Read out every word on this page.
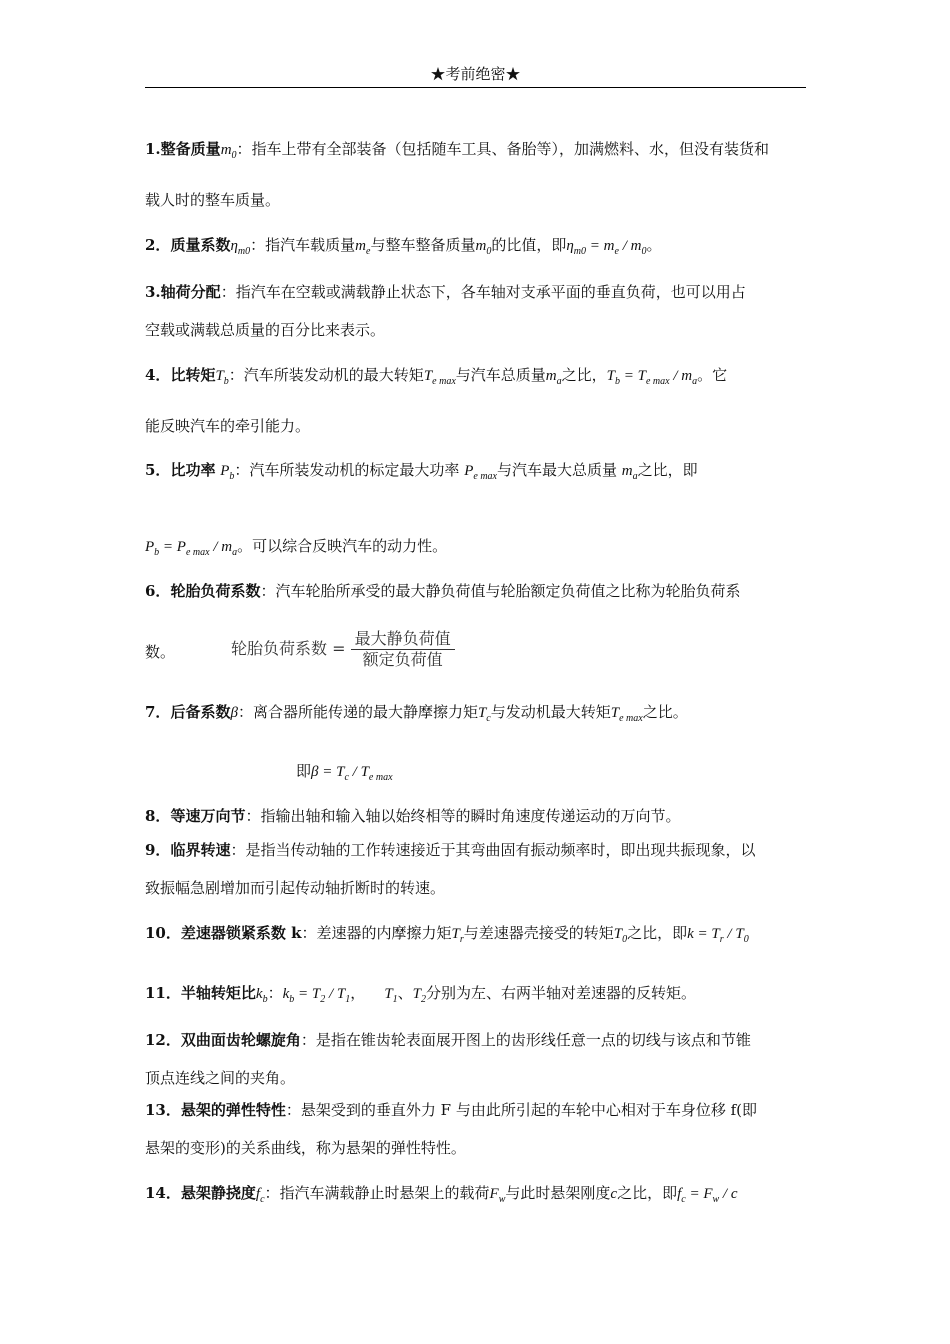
★考前绝密★
1.整备质量$m_0$：指车上带有全部装备（包括随车工具、备胎等），加满燃料、水，但没有装货和
载人时的整车质量。
2．质量系数$\eta_{m0}$：指汽车载质量$m_e$与整车整备质量$m_0$的比值，即$\eta_{m0} = m_e / m_0$。
3.轴荷分配：指汽车在空载或满载静止状态下，各车轴对支承平面的垂直负荷，也可以用占
空载或满载总质量的百分比来表示。
4．比转矩$T_b$：汽车所装发动机的最大转矩$T_{e max}$与汽车总质量$m_a$之比，$T_b = T_{e max} / m_a$。它
能反映汽车的牵引能力。
5．比功率 $P_b$：汽车所装发动机的标定最大功率 $P_{e max}$与汽车最大总质量 $m_a$之比，即
$P_b = P_{e max} / m_a$。可以综合反映汽车的动力性。
6．轮胎负荷系数：汽车轮胎所承受的最大静负荷值与轮胎额定负荷值之比称为轮胎负荷系
数。	轮胎负荷系数 = $\frac{\text{最大静负荷值}}{\text{额定负荷值}}$
7．后备系数β：离合器所能传递的最大静摩擦力矩$T_c$与发动机最大转矩$T_{e max}$之比。
即$\beta = T_c / T_{e max}$
8．等速万向节：指输出轴和输入轴以始终相等的瞬时角速度传递运动的万向节。
9．临界转速：是指当传动轴的工作转速接近于其弯曲固有振动频率时，即出现共振现象，以
致振幅急剧增加而引起传动轴折断时的转速。
10．差速器锁紧系数 k：差速器的内摩擦力矩$T_r$与差速器壳接受的转矩$T_0$之比，即$k = T_r / T_0$
11．半轴转矩比$k_b$：$k_b = T_2 / T_1$，    $T_1$、$T_2$分别为左、右两半轴对差速器的反转矩。
12．双曲面齿轮螺旋角：是指在锥齿轮表面展开图上的齿形线任意一点的切线与该点和节锥
顶点连线之间的夹角。
13．悬架的弹性特性：悬架受到的垂直外力 F 与由此所引起的车轮中心相对于车身位移 f(即
悬架的变形)的关系曲线，称为悬架的弹性特性。
14．悬架静挠度$f_c$：指汽车满载静止时悬架上的载荷$F_w$与此时悬架刚度c之比，即$f_c = F_w / c$
